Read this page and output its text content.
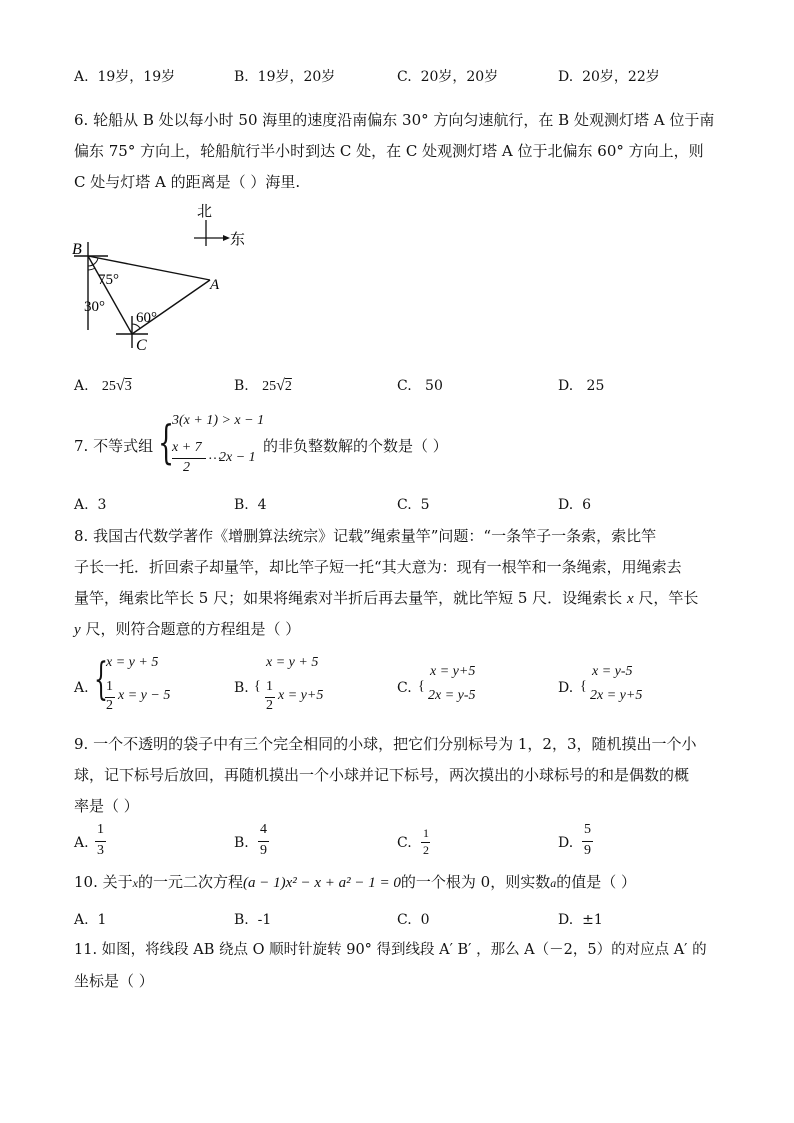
A. 19岁，19岁	B. 19岁，20岁	C. 20岁，20岁	D. 20岁，22岁
6. 轮船从 B 处以每小时 50 海里的速度沿南偏东 30° 方向匀速航行，在 B 处观测灯塔 A 位于南
偏东 75° 方向上，轮船航行半小时到达 C 处，在 C 处观测灯塔 A 位于北偏东 60° 方向上，则
C 处与灯塔 A 的距离是（ ）海里.
北
东
B
A
C
75°
30°
60°
A. 25√3	B. 25√2	C. 50	D. 25
7. 不等式组 {
3(x + 1) > x − 1
x + 7
2
…
2x − 1
的非负整数解的个数是（ ）
A. 3	B. 4	C. 5	D. 6
8. 我国古代数学著作《增删算法统宗》记载”绳索量竿”问题：“一条竿子一条索，索比竿
子长一托．折回索子却量竿，却比竿子短一托“其大意为：现有一根竿和一条绳索，用绳索去
量竿，绳索比竿长 5 尺；如果将绳索对半折后再去量竿，就比竿短 5 尺．设绳索长 x 尺，竿长
y 尺，则符合题意的方程组是（ ）
A. {
x = y + 5
1
2
x = y − 5	B. {
x = y + 5
1
2
x = y+5	C. {
x = y+5
2x = y-5	D. {
x = y-5
2x = y+5
9. 一个不透明的袋子中有三个完全相同的小球，把它们分别标号为 1，2，3，随机摸出一个小
球，记下标号后放回，再随机摸出一个小球并记下标号，两次摸出的小球标号的和是偶数的概
率是（ ）
A.
1
3	B.
4
9	C.
1
2	D.
5
9
10. 关于x的一元二次方程(a − 1)x² − x + a² − 1 = 0的一个根为 0，则实数a的值是（ ）
A. 1	B. -1	C. 0	D. ±1
11. 如图，将线段 AB 绕点 O 顺时针旋转 90° 得到线段 A′ B′ ，那么 A（－2，5）的对应点 A′ 的
坐标是（ ）
